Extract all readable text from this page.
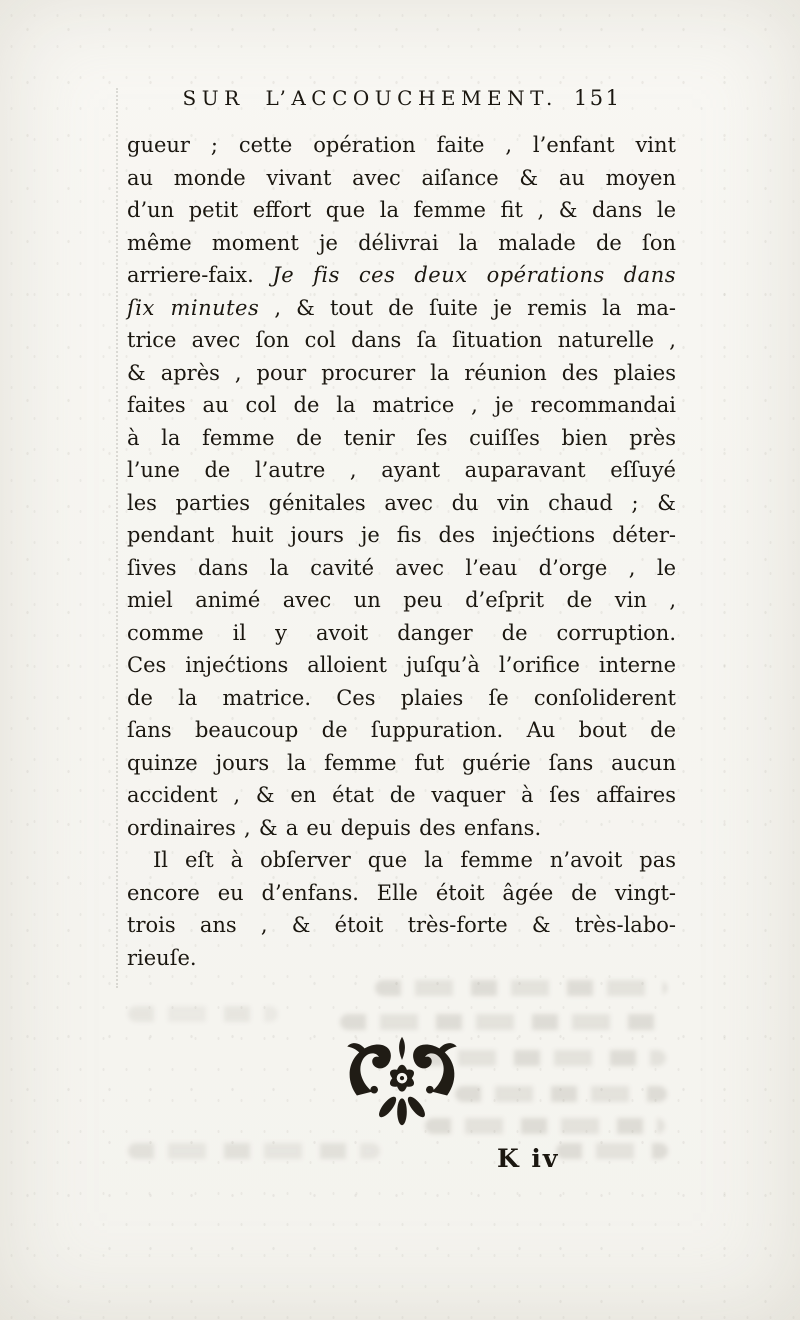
SUR L’ACCOUCHEMENT. 151
gueur ; cette opération faite , l’enfant vint
au monde vivant avec aiſance & au moyen
d’un petit effort que la femme fit , & dans le
même moment je délivrai la malade de ſon
arriere-faix. Je fis ces deux opérations dans
ſix minutes , & tout de ſuite je remis la ma-
trice avec ſon col dans ſa ſituation naturelle ,
& après , pour procurer la réunion des plaies
faites au col de la matrice , je recommandai
à la femme de tenir ſes cuiſſes bien près
l’une de l’autre , ayant auparavant eſſuyé
les parties génitales avec du vin chaud ; &
pendant huit jours je fis des injećtions déter-
ſives dans la cavité avec l’eau d’orge , le
miel animé avec un peu d’eſprit de vin ,
comme il y avoit danger de corruption.
Ces injećtions alloient juſqu’à l’orifice interne
de la matrice. Ces plaies ſe conſoliderent
ſans beaucoup de ſuppuration. Au bout de
quinze jours la femme fut guérie ſans aucun
accident , & en état de vaquer à ſes affaires
ordinaires , & a eu depuis des enfans.
Il eſt à obſerver que la femme n’avoit pas
encore eu d’enfans. Elle étoit âgée de vingt-
trois ans , & étoit très-forte & très-labo-
rieuſe.
K iv
